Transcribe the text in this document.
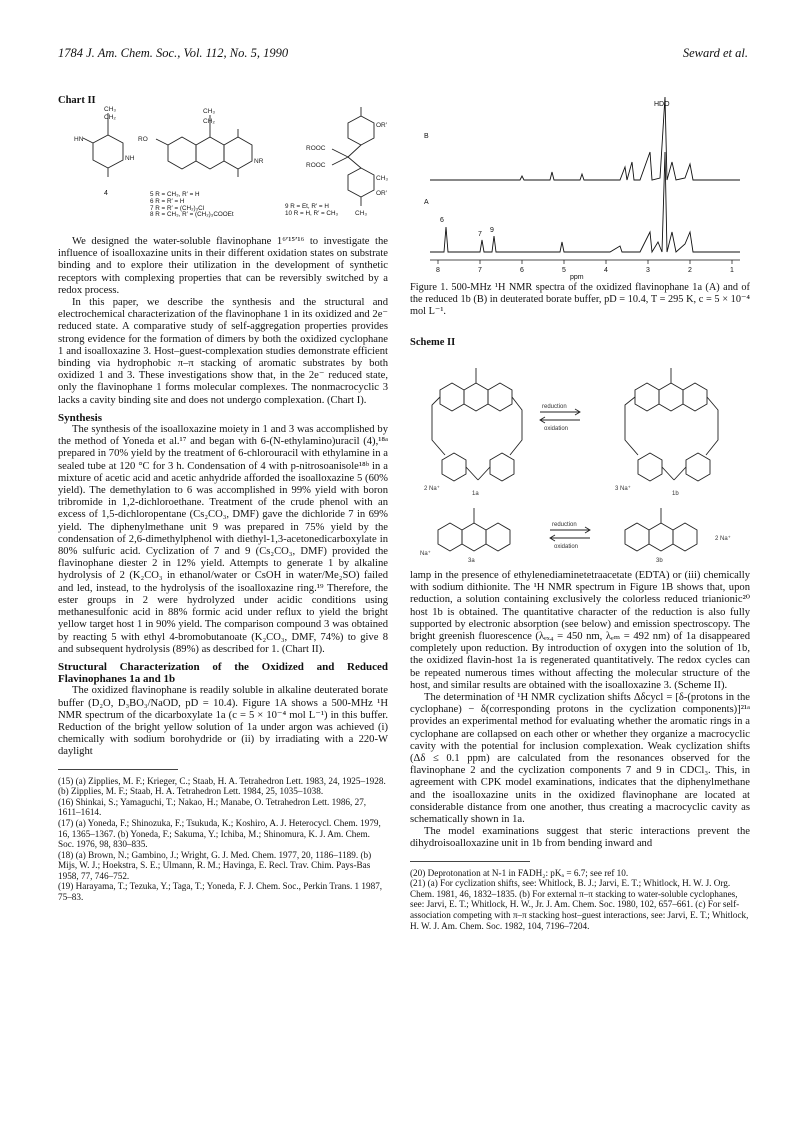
1784 J. Am. Chem. Soc., Vol. 112, No. 5, 1990	Seward et al.
Chart II
HN
NH
CH₃
CH₂
RO
CH₃
CH₂
NR
ROOC
ROOC
OR′
CH₃
OR′
CH₃
4	5 R = CH₃, R′ = H
6 R = R′ = H
7 R = R′ = (CH₂)₃Cl
8 R = CH₃, R′ = (CH₂)₃COOEt
9 R = Et, R′ = H
10 R = H, R′ = CH₃

We designed the water-soluble flavinophane 1⁶ʹ¹⁵ʹ¹⁶ to investigate the influence of isoalloxazine units in their different oxidation states on substrate binding and to explore their utilization in the development of synthetic receptors with complexing properties that can be reversibly switched by a redox process.

In this paper, we describe the synthesis and the structural and electrochemical characterization of the flavinophane 1 in its oxidized and 2e⁻ reduced state. A comparative study of self-aggregation properties provides strong evidence for the formation of dimers by both the oxidized cyclophane 1 and isoalloxazine 3. Host–guest-complexation studies demonstrate efficient binding via hydrophobic π–π stacking of aromatic substrates by both oxidized 1 and 3. These investigations show that, in the 2e⁻ reduced state, only the flavinophane 1 forms molecular complexes. The nonmacrocyclic 3 lacks a cavity binding site and does not undergo complexation. (Chart I).

Synthesis

The synthesis of the isoalloxazine moiety in 1 and 3 was accomplished by the method of Yoneda et al.¹⁷ and began with 6-(N-ethylamino)uracil (4),¹⁸ᵃ prepared in 70% yield by the treatment of 6-chlorouracil with ethylamine in a sealed tube at 120 °C for 3 h. Condensation of 4 with p-nitrosoanisole¹⁸ᵇ in a mixture of acetic acid and acetic anhydride afforded the isoalloxazine 5 (60% yield). The demethylation to 6 was accomplished in 99% yield with boron tribromide in 1,2-dichloroethane. Treatment of the crude phenol with an excess of 1,5-dichloropentane (Cs₂CO₃, DMF) gave the dichloride 7 in 69% yield. The diphenylmethane unit 9 was prepared in 75% yield by the condensation of 2,6-dimethylphenol with diethyl-1,3-acetonedicarboxylate in 80% sulfuric acid. Cyclization of 7 and 9 (Cs₂CO₃, DMF) provided the flavinophane diester 2 in 12% yield. Attempts to generate 1 by alkaline hydrolysis of 2 (K₂CO₃ in ethanol/water or CsOH in water/Me₂SO) failed and led, instead, to the hydrolysis of the isoalloxazine ring.¹⁹ Therefore, the ester groups in 2 were hydrolyzed under acidic conditions using methanesulfonic acid in 88% formic acid under reflux to yield the bright yellow target host 1 in 90% yield. The comparison compound 3 was obtained by reacting 5 with ethyl 4-bromobutanoate (K₂CO₃, DMF, 74%) to give 8 and subsequent hydrolysis (89%) as described for 1. (Chart II).

Structural Characterization of the Oxidized and Reduced Flavinophanes 1a and 1b

The oxidized flavinophane is readily soluble in alkaline deuterated borate buffer (D₂O, D₃BO₃/NaOD, pD = 10.4). Figure 1A shows a 500-MHz ¹H NMR spectrum of the dicarboxylate 1a (c = 5 × 10⁻⁴ mol L⁻¹) in this buffer. Reduction of the bright yellow solution of 1a under argon was achieved (i) chemically with sodium borohydride or (ii) by irradiating with a 220-W daylight

(15) (a) Zipplies, M. F.; Krieger, C.; Staab, H. A. Tetrahedron Lett. 1983, 24, 1925–1928. (b) Zipplies, M. F.; Staab, H. A. Tetrahedron Lett. 1984, 25, 1035–1038.
(16) Shinkai, S.; Yamaguchi, T.; Nakao, H.; Manabe, O. Tetrahedron Lett. 1986, 27, 1611–1614.
(17) (a) Yoneda, F.; Shinozuka, F.; Tsukuda, K.; Koshiro, A. J. Heterocycl. Chem. 1979, 16, 1365–1367. (b) Yoneda, F.; Sakuma, Y.; Ichiba, M.; Shinomura, K. J. Am. Chem. Soc. 1976, 98, 830–835.
(18) (a) Brown, N.; Gambino, J.; Wright, G. J. Med. Chem. 1977, 20, 1186–1189. (b) Mijs, W. J.; Hoekstra, S. E.; Ulmann, R. M.; Havinga, E. Recl. Trav. Chim. Pays-Bas 1958, 77, 746–752.
(19) Harayama, T.; Tezuka, Y.; Taga, T.; Yoneda, F. J. Chem. Soc., Perkin Trans. 1 1987, 75–83.
HDO
B
A
6
7
9
8	7	6	5	4	3	2	1
ppm
Figure 1. 500-MHz ¹H NMR spectra of the oxidized flavinophane 1a (A) and of the reduced 1b (B) in deuterated borate buffer, pD = 10.4, T = 295 K, c = 5 × 10⁻⁴ mol L⁻¹.
Scheme II
reduction
oxidation
reduction
oxidation
1a	1b
3a	3b
2 Na⁺	3 Na⁺
Na⁺
2 Na⁺

lamp in the presence of ethylenediaminetetraacetate (EDTA) or (iii) chemically with sodium dithionite. The ¹H NMR spectrum in Figure 1B shows that, upon reduction, a solution containing exclusively the colorless reduced trianionic²⁰ host 1b is obtained. The quantitative character of the reduction is also fully supported by electronic absorption (see below) and emission spectroscopy. The bright greenish fluorescence (λₑₓ₄ = 450 nm, λₑₘ = 492 nm) of 1a disappeared completely upon reduction. By introduction of oxygen into the solution of 1b, the oxidized flavin-host 1a is regenerated quantitatively. The redox cycles can be repeated numerous times without affecting the molecular structure of the host, and similar results are obtained with the isoalloxazine 3. (Scheme II).

The determination of ¹H NMR cyclization shifts Δδcycl = [δ-(protons in the cyclophane) − δ(corresponding protons in the cyclization components)]²¹ᵃ provides an experimental method for evaluating whether the aromatic rings in a cyclophane are collapsed on each other or whether they organize a macrocyclic cavity with the potential for inclusion complexation. Weak cyclization shifts (Δδ ≤ 0.1 ppm) are calculated from the resonances observed for the flavinophane 2 and the cyclization components 7 and 9 in CDCl₃. This, in agreement with CPK model examinations, indicates that the diphenylmethane and the isoalloxazine units in the oxidized flavinophane are located at considerable distance from one another, thus creating a macrocyclic cavity as schematically shown in 1a.

The model examinations suggest that steric interactions prevent the dihydroisoalloxazine unit in 1b from bending inward and

(20) Deprotonation at N-1 in FADH₂: pKₐ = 6.7; see ref 10.
(21) (a) For cyclization shifts, see: Whitlock, B. J.; Jarvi, E. T.; Whitlock, H. W. J. Org. Chem. 1981, 46, 1832–1835. (b) For external π–π stacking to water-soluble cyclophanes, see: Jarvi, E. T.; Whitlock, H. W., Jr. J. Am. Chem. Soc. 1980, 102, 657–661. (c) For self-association competing with π–π stacking host–guest interactions, see: Jarvi, E. T.; Whitlock, H. W. J. Am. Chem. Soc. 1982, 104, 7196–7204.
